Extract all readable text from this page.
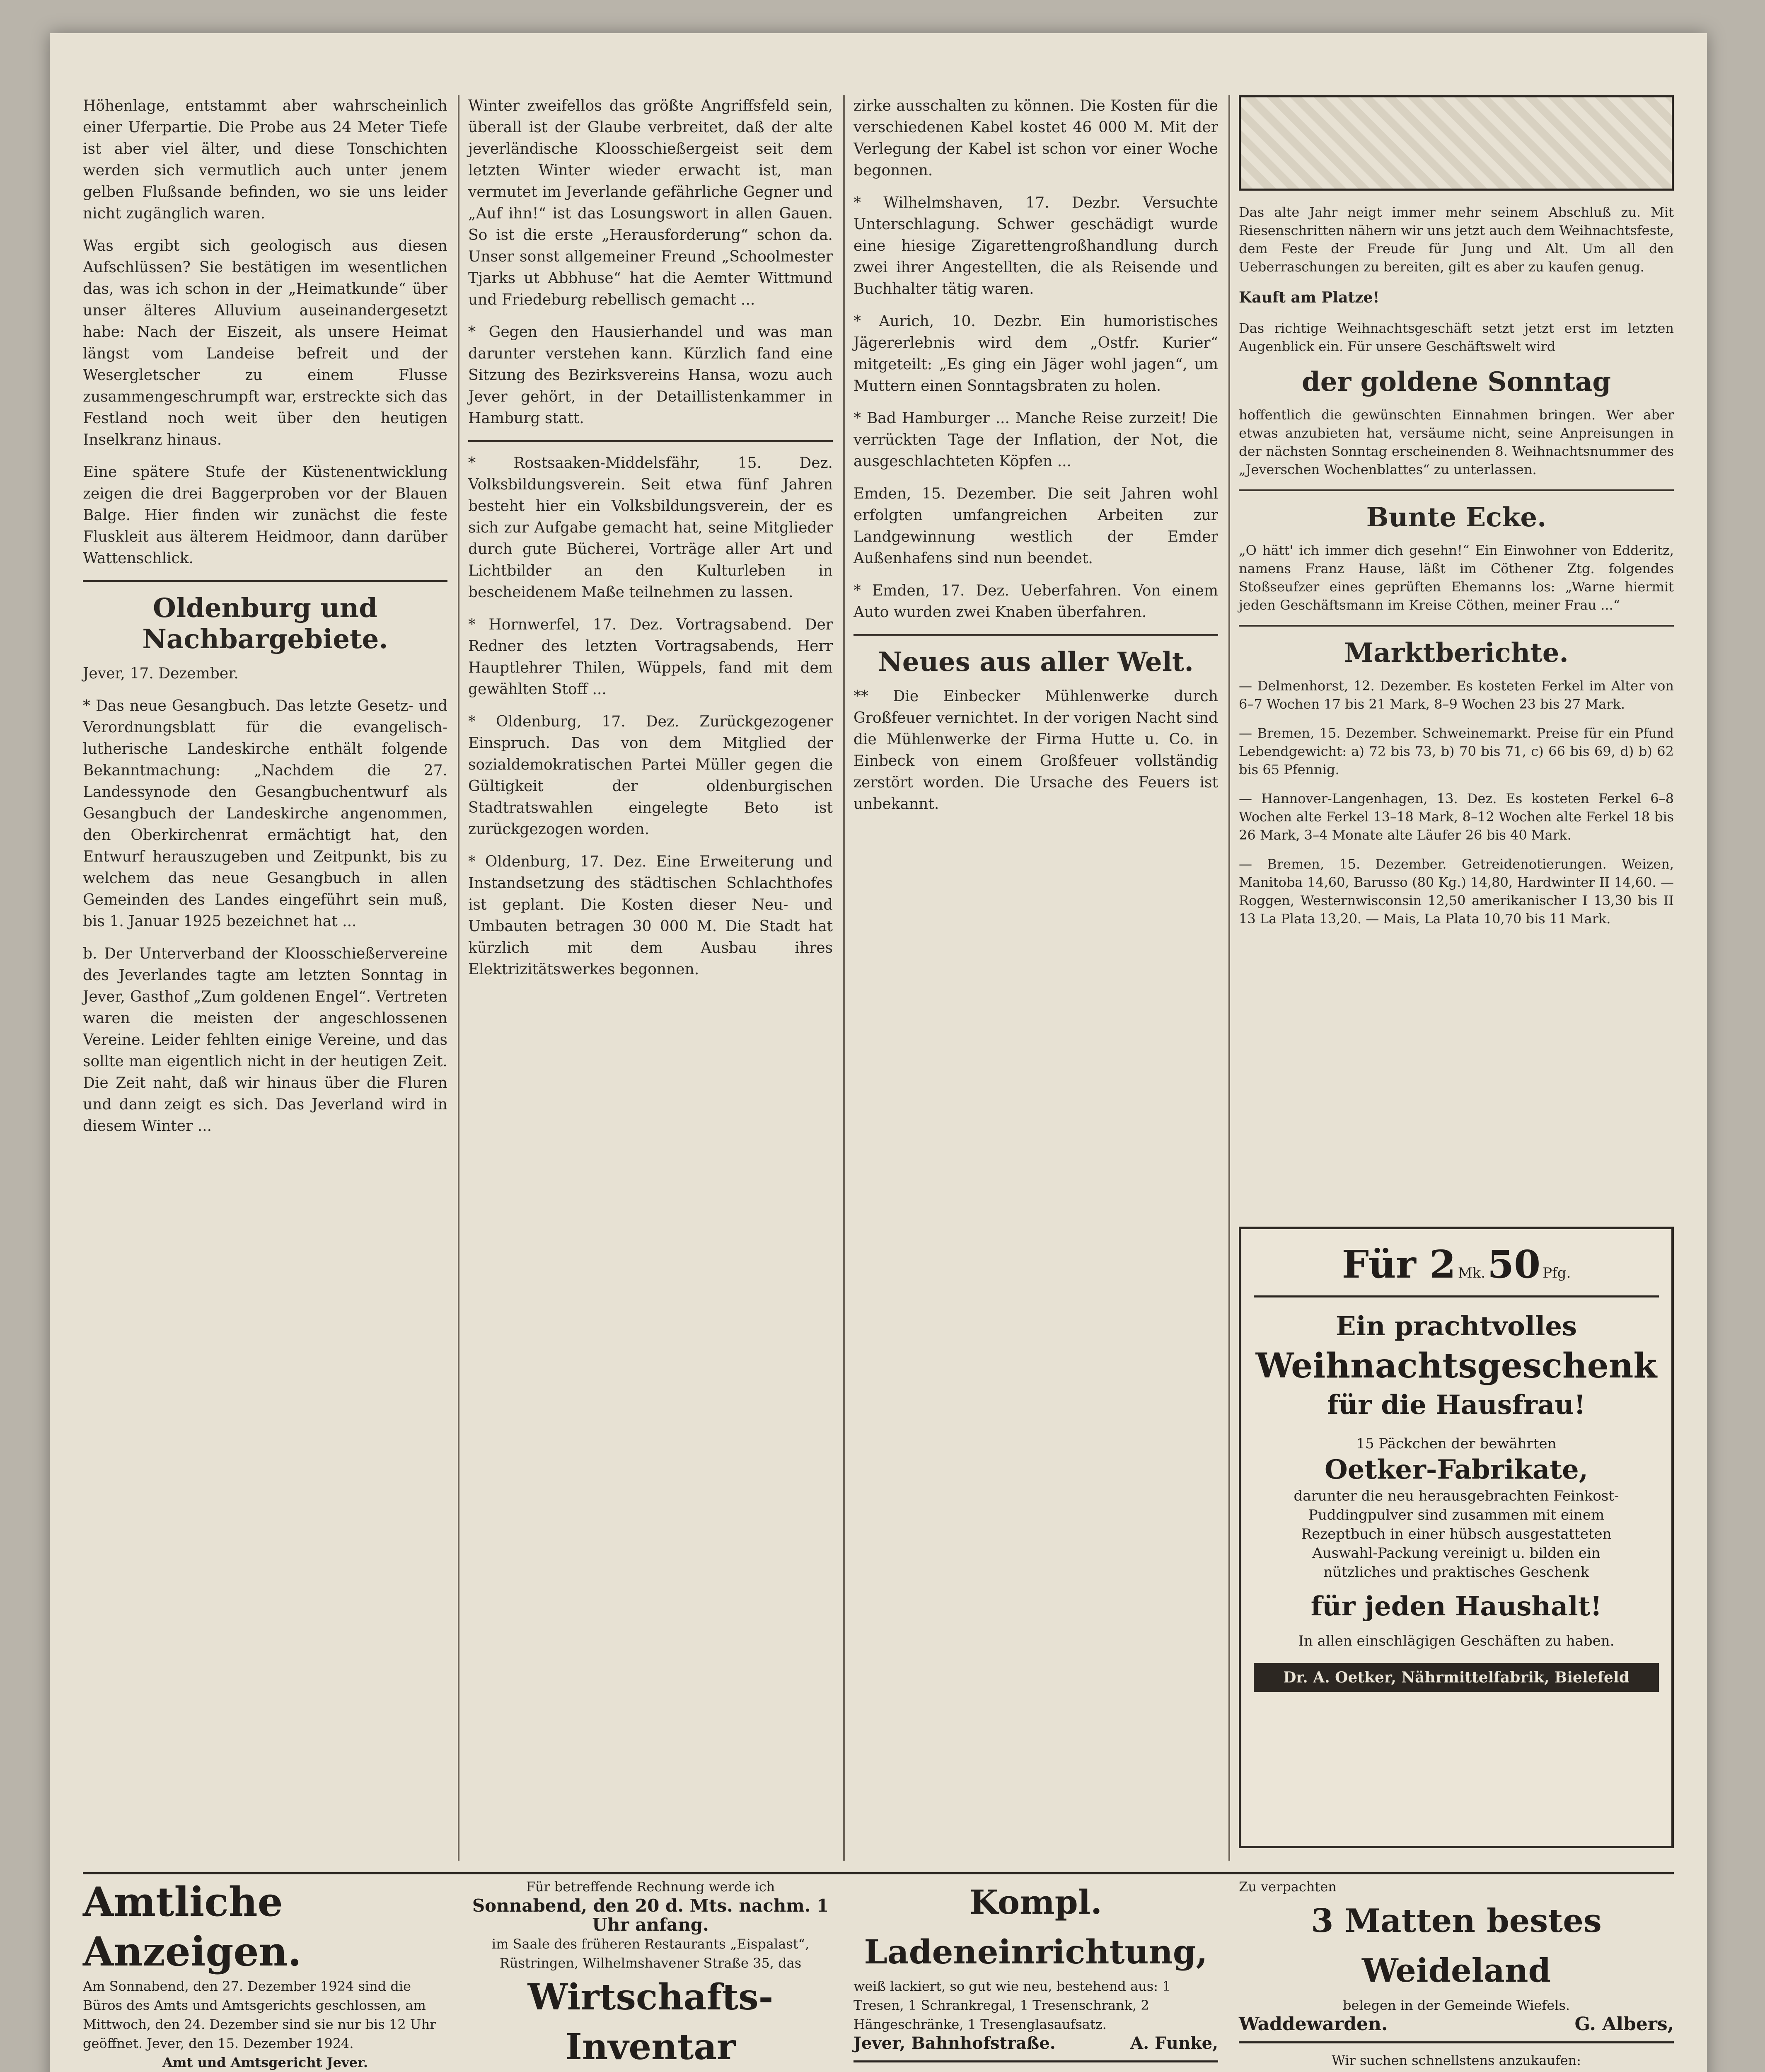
Höhenlage, entstammt aber wahrscheinlich einer Uferpartie. Die Probe aus 24 Meter Tiefe ist aber viel älter, und diese Tonschichten werden sich vermutlich auch unter jenem gelben Flußsande befinden, wo sie uns leider nicht zugänglich waren.

Was ergibt sich geologisch aus diesen Aufschlüssen? Sie bestätigen im wesentlichen das, was ich schon in der „Heimatkunde“ über unser älteres Alluvium auseinandergesetzt habe: Nach der Eiszeit, als unsere Heimat längst vom Landeise befreit und der Wesergletscher zu einem Flusse zusammengeschrumpft war, erstreckte sich das Festland noch weit über den heutigen Inselkranz hinaus.

Eine spätere Stufe der Küstenentwicklung zeigen die drei Baggerproben vor der Blauen Balge. Hier finden wir zunächst die feste Fluskleit aus älterem Heidmoor, dann darüber Wattenschlick.

Oldenburg und Nachbargebiete.

Jever, 17. Dezember.

* Das neue Gesangbuch. Das letzte Gesetz- und Verordnungsblatt für die evangelisch-lutherische Landeskirche enthält folgende Bekanntmachung: „Nachdem die 27. Landessynode den Gesangbuchentwurf als Gesangbuch der Landeskirche angenommen, den Oberkirchenrat ermächtigt hat, den Entwurf herauszugeben und Zeitpunkt, bis zu welchem das neue Gesangbuch in allen Gemeinden des Landes eingeführt sein muß, bis 1. Januar 1925 bezeichnet hat ...

b. Der Unterverband der Kloosschießervereine des Jeverlandes tagte am letzten Sonntag in Jever, Gasthof „Zum goldenen Engel“. Vertreten waren die meisten der angeschlossenen Vereine. Leider fehlten einige Vereine, und das sollte man eigentlich nicht in der heutigen Zeit. Die Zeit naht, daß wir hinaus über die Fluren und dann zeigt es sich. Das Jeverland wird in diesem Winter ...

Winter zweifellos das größte Angriffsfeld sein, überall ist der Glaube verbreitet, daß der alte jeverländische Kloosschießergeist seit dem letzten Winter wieder erwacht ist, man vermutet im Jeverlande gefährliche Gegner und „Auf ihn!“ ist das Losungswort in allen Gauen. So ist die erste „Herausforderung“ schon da. Unser sonst allgemeiner Freund „Schoolmester Tjarks ut Abbhuse“ hat die Aemter Wittmund und Friedeburg rebellisch gemacht ...

* Gegen den Hausierhandel und was man darunter verstehen kann. Kürzlich fand eine Sitzung des Bezirksvereins Hansa, wozu auch Jever gehört, in der Detaillistenkammer in Hamburg statt.

* Rostsaaken-Middelsfähr, 15. Dez. Volksbildungsverein. Seit etwa fünf Jahren besteht hier ein Volksbildungsverein, der es sich zur Aufgabe gemacht hat, seine Mitglieder durch gute Bücherei, Vorträge aller Art und Lichtbilder an den Kulturleben in bescheidenem Maße teilnehmen zu lassen.

* Hornwerfel, 17. Dez. Vortragsabend. Der Redner des letzten Vortragsabends, Herr Hauptlehrer Thilen, Wüppels, fand mit dem gewählten Stoff ...

* Oldenburg, 17. Dez. Zurückgezogener Einspruch. Das von dem Mitglied der sozialdemokratischen Partei Müller gegen die Gültigkeit der oldenburgischen Stadtratswahlen eingelegte Beto ist zurückgezogen worden.

* Oldenburg, 17. Dez. Eine Erweiterung und Instandsetzung des städtischen Schlachthofes ist geplant. Die Kosten dieser Neu- und Umbauten betragen 30 000 M. Die Stadt hat kürzlich mit dem Ausbau ihres Elektrizitätswerkes begonnen.

zirke ausschalten zu können. Die Kosten für die verschiedenen Kabel kostet 46 000 M. Mit der Verlegung der Kabel ist schon vor einer Woche begonnen.

* Wilhelmshaven, 17. Dezbr. Versuchte Unterschlagung. Schwer geschädigt wurde eine hiesige Zigarettengroßhandlung durch zwei ihrer Angestellten, die als Reisende und Buchhalter tätig waren.

* Aurich, 10. Dezbr. Ein humoristisches Jägererlebnis wird dem „Ostfr. Kurier“ mitgeteilt: „Es ging ein Jäger wohl jagen“, um Muttern einen Sonntagsbraten zu holen.

* Bad Hamburger ... Manche Reise zurzeit! Die verrückten Tage der Inflation, der Not, die ausgeschlachteten Köpfen ...

Emden, 15. Dezember. Die seit Jahren wohl erfolgten umfangreichen Arbeiten zur Landgewinnung westlich der Emder Außenhafens sind nun beendet.

* Emden, 17. Dez. Ueberfahren. Von einem Auto wurden zwei Knaben überfahren.

Neues aus aller Welt.

** Die Einbecker Mühlenwerke durch Großfeuer vernichtet. In der vorigen Nacht sind die Mühlenwerke der Firma Hutte u. Co. in Einbeck von einem Großfeuer vollständig zerstört worden. Die Ursache des Feuers ist unbekannt.

Das alte Jahr neigt immer mehr seinem Abschluß zu. Mit Riesenschritten nähern wir uns jetzt auch dem Weihnachtsfeste, dem Feste der Freude für Jung und Alt. Um all den Ueberraschungen zu bereiten, gilt es aber zu kaufen genug.

Kauft am Platze!

Das richtige Weihnachtsgeschäft setzt jetzt erst im letzten Augenblick ein. Für unsere Geschäftswelt wird

der goldene Sonntag

hoffentlich die gewünschten Einnahmen bringen. Wer aber etwas anzubieten hat, versäume nicht, seine Anpreisungen in der nächsten Sonntag erscheinenden 8. Weihnachtsnummer des „Jeverschen Wochenblattes“ zu unterlassen.

Bunte Ecke.

„O hätt' ich immer dich gesehn!“ Ein Einwohner von Edderitz, namens Franz Hause, läßt im Cöthener Ztg. folgendes Stoßseufzer eines geprüften Ehemanns los: „Warne hiermit jeden Geschäftsmann im Kreise Cöthen, meiner Frau ...“

Marktberichte.

— Delmenhorst, 12. Dezember. Es kosteten Ferkel im Alter von 6–7 Wochen 17 bis 21 Mark, 8–9 Wochen 23 bis 27 Mark.

— Bremen, 15. Dezember. Schweinemarkt. Preise für ein Pfund Lebendgewicht: a) 72 bis 73, b) 70 bis 71, c) 66 bis 69, d) b) 62 bis 65 Pfennig.

— Hannover-Langenhagen, 13. Dez. Es kosteten Ferkel 6–8 Wochen alte Ferkel 13–18 Mark, 8–12 Wochen alte Ferkel 18 bis 26 Mark, 3–4 Monate alte Läufer 26 bis 40 Mark.

— Bremen, 15. Dezember. Getreidenotierungen. Weizen, Manitoba 14,60, Barusso (80 Kg.) 14,80, Hardwinter II 14,60. — Roggen, Westernwisconsin 12,50 amerikanischer I 13,30 bis II 13 La Plata 13,20. — Mais, La Plata 10,70 bis 11 Mark.

Für 2 Mk. 50 Pfg.
Ein prachtvolles
Weihnachtsgeschenk
für die Hausfrau!
15 Päckchen der bewährten
Oetker-Fabrikate,
darunter die neu herausgebrachten Feinkost-Puddingpulver sind zusammen mit einem Rezeptbuch in einer hübsch ausgestatteten Auswahl-Packung vereinigt u. bilden ein nützliches und praktisches Geschenk
für jeden Haushalt!
In allen einschlägigen Geschäften zu haben.
Dr. A. Oetker, Nährmittelfabrik, Bielefeld
Amtliche Anzeigen.
Am Sonnabend, den 27. Dezember 1924 sind die Büros des Amts und Amtsgerichts geschlossen, am Mittwoch, den 24. Dezember sind sie nur bis 12 Uhr geöffnet. Jever, den 15. Dezember 1924.
Amt und Amtsgericht Jever.
Für betreffende Rechnung werde ich
Sonnabend, den 20 d. Mts. nachm. 1 Uhr anfang.
im Saale des früheren Restaurants „Eispalast“, Rüstringen, Wilhelmshavener Straße 35, das
Wirtschafts-Inventar
Kompl. Ladeneinrichtung,
weiß lackiert, so gut wie neu, bestehend aus: 1 Tresen, 1 Schrankregal, 1 Tresenschrank, 2 Hängeschränke, 1 Tresenglasaufsatz.
Jever, Bahnhofstraße.	A. Funke,
Zu verpachten
3 Matten bestes Weideland
belegen in der Gemeinde Wiefels.
Waddewarden.	G. Albers,
Wir suchen schnellstens anzukaufen:
